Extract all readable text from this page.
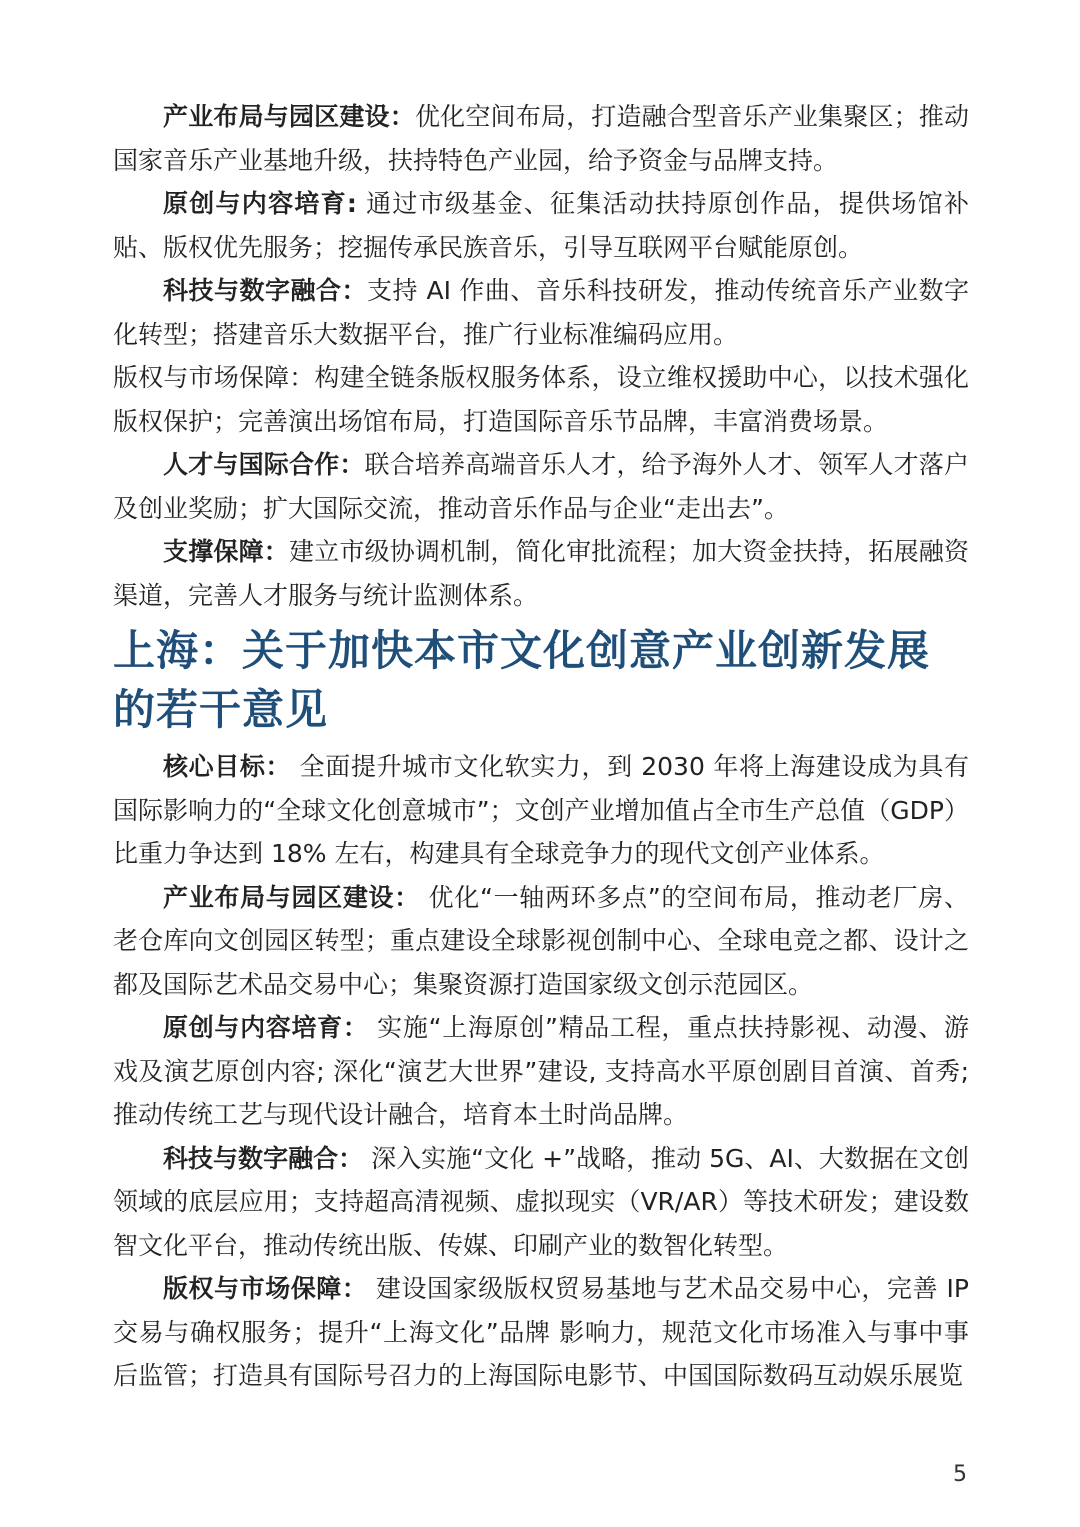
产业布局与园区建设：优化空间布局，打造融合型音乐产业集聚区；推动国家音乐产业基地升级，扶持特色产业园，给予资金与品牌支持。

原创与内容培育: 通过市级基金、征集活动扶持原创作品，提供场馆补贴、版权优先服务；挖掘传承民族音乐，引导互联网平台赋能原创。

科技与数字融合：支持 AI 作曲、音乐科技研发，推动传统音乐产业数字化转型；搭建音乐大数据平台，推广行业标准编码应用。

版权与市场保障：构建全链条版权服务体系，设立维权援助中心，以技术强化版权保护；完善演出场馆布局，打造国际音乐节品牌，丰富消费场景。

人才与国际合作：联合培养高端音乐人才，给予海外人才、领军人才落户及创业奖励；扩大国际交流，推动音乐作品与企业“走出去”。

支撑保障：建立市级协调机制，简化审批流程；加大资金扶持，拓展融资渠道，完善人才服务与统计监测体系。

上海：关于加快本市文化创意产业创新发展的若干意见

核心目标： 全面提升城市文化软实力，到 2030 年将上海建设成为具有国际影响力的“全球文化创意城市”；文创产业增加值占全市生产总值（GDP）比重力争达到 18% 左右，构建具有全球竞争力的现代文创产业体系。

产业布局与园区建设： 优化“一轴两环多点”的空间布局，推动老厂房、老仓库向文创园区转型；重点建设全球影视创制中心、全球电竞之都、设计之都及国际艺术品交易中心；集聚资源打造国家级文创示范园区。

原创与内容培育： 实施“上海原创”精品工程，重点扶持影视、动漫、游戏及演艺原创内容; 深化“演艺大世界”建设, 支持高水平原创剧目首演、首秀; 推动传统工艺与现代设计融合，培育本土时尚品牌。

科技与数字融合： 深入实施“文化 +”战略，推动 5G、AI、大数据在文创领域的底层应用；支持超高清视频、虚拟现实（VR/AR）等技术研发；建设数智文化平台，推动传统出版、传媒、印刷产业的数智化转型。

版权与市场保障： 建设国家级版权贸易基地与艺术品交易中心，完善 IP 交易与确权服务；提升“上海文化”品牌 影响力，规范文化市场准入与事中事后监管；打造具有国际号召力的上海国际电影节、中国国际数码互动娱乐展览

5
